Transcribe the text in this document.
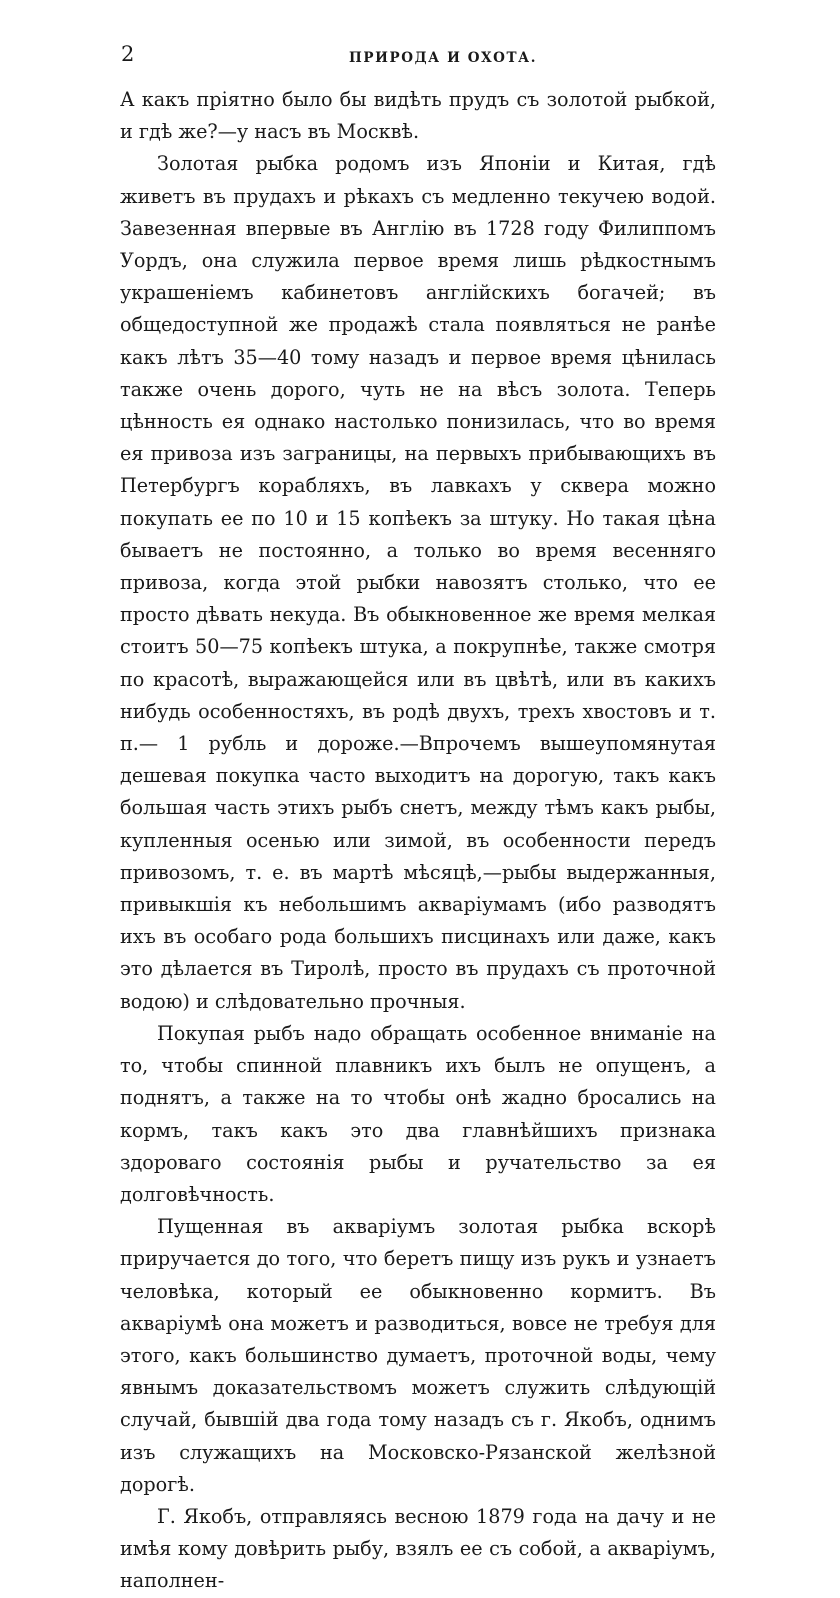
2	ПРИРОДА И ОХОТА.

А какъ пріятно было бы видѣть прудъ съ золотой рыбкой, и гдѣ же?—у насъ въ Москвѣ.

Золотая рыбка родомъ изъ Японіи и Китая, гдѣ живетъ въ прудахъ и рѣкахъ съ медленно текучею водой. Завезенная впервые въ Англію въ 1728 году Филиппомъ Уордъ, она служила первое время лишь рѣдкостнымъ украшеніемъ кабинетовъ англійскихъ богачей; въ общедоступной же продажѣ стала появляться не ранѣе какъ лѣтъ 35—40 тому назадъ и первое время цѣнилась также очень дорого, чуть не на вѣсъ золота. Теперь цѣнность ея однако настолько понизилась, что во время ея привоза изъ заграницы, на первыхъ прибывающихъ въ Петербургъ корабляхъ, въ лавкахъ у сквера можно покупать ее по 10 и 15 копѣекъ за штуку. Но такая цѣна бываетъ не постоянно, а только во время весенняго привоза, когда этой рыбки навозятъ столько, что ее просто дѣвать некуда. Въ обыкновенное же время мелкая стоитъ 50—75 копѣекъ штука, а покрупнѣе, также смотря по красотѣ, выражающейся или въ цвѣтѣ, или въ какихъ нибудь особенностяхъ, въ родѣ двухъ, трехъ хвостовъ и т. п.— 1 рубль и дороже.—Впрочемъ вышеупомянутая дешевая покупка часто выходитъ на дорогую, такъ какъ большая часть этихъ рыбъ снетъ, между тѣмъ какъ рыбы, купленныя осенью или зимой, въ особенности передъ привозомъ, т. е. въ мартѣ мѣсяцѣ,—рыбы выдержанныя, привыкшія къ небольшимъ акваріумамъ (ибо разводятъ ихъ въ особаго рода большихъ писцинахъ или даже, какъ это дѣлается въ Тиролѣ, просто въ прудахъ съ проточной водою) и слѣдовательно прочныя.

Покупая рыбъ надо обращать особенное вниманіе на то, чтобы спинной плавникъ ихъ былъ не опущенъ, а поднятъ, а также на то чтобы онѣ жадно бросались на кормъ, такъ какъ это два главнѣйшихъ признака здороваго состоянія рыбы и ручательство за ея долговѣчность.

Пущенная въ акваріумъ золотая рыбка вскорѣ приручается до того, что беретъ пищу изъ рукъ и узнаетъ человѣка, который ее обыкновенно кормитъ. Въ акваріумѣ она можетъ и разводиться, вовсе не требуя для этого, какъ большинство думаетъ, проточной воды, чему явнымъ доказательствомъ можетъ служить слѣдующій случай, бывшій два года тому назадъ съ г. Якобъ, однимъ изъ служащихъ на Московско-Рязанской желѣзной дорогѣ.

Г. Якобъ, отправляясь весною 1879 года на дачу и не имѣя кому довѣрить рыбу, взялъ ее съ собой, а акваріумъ, наполнен-
